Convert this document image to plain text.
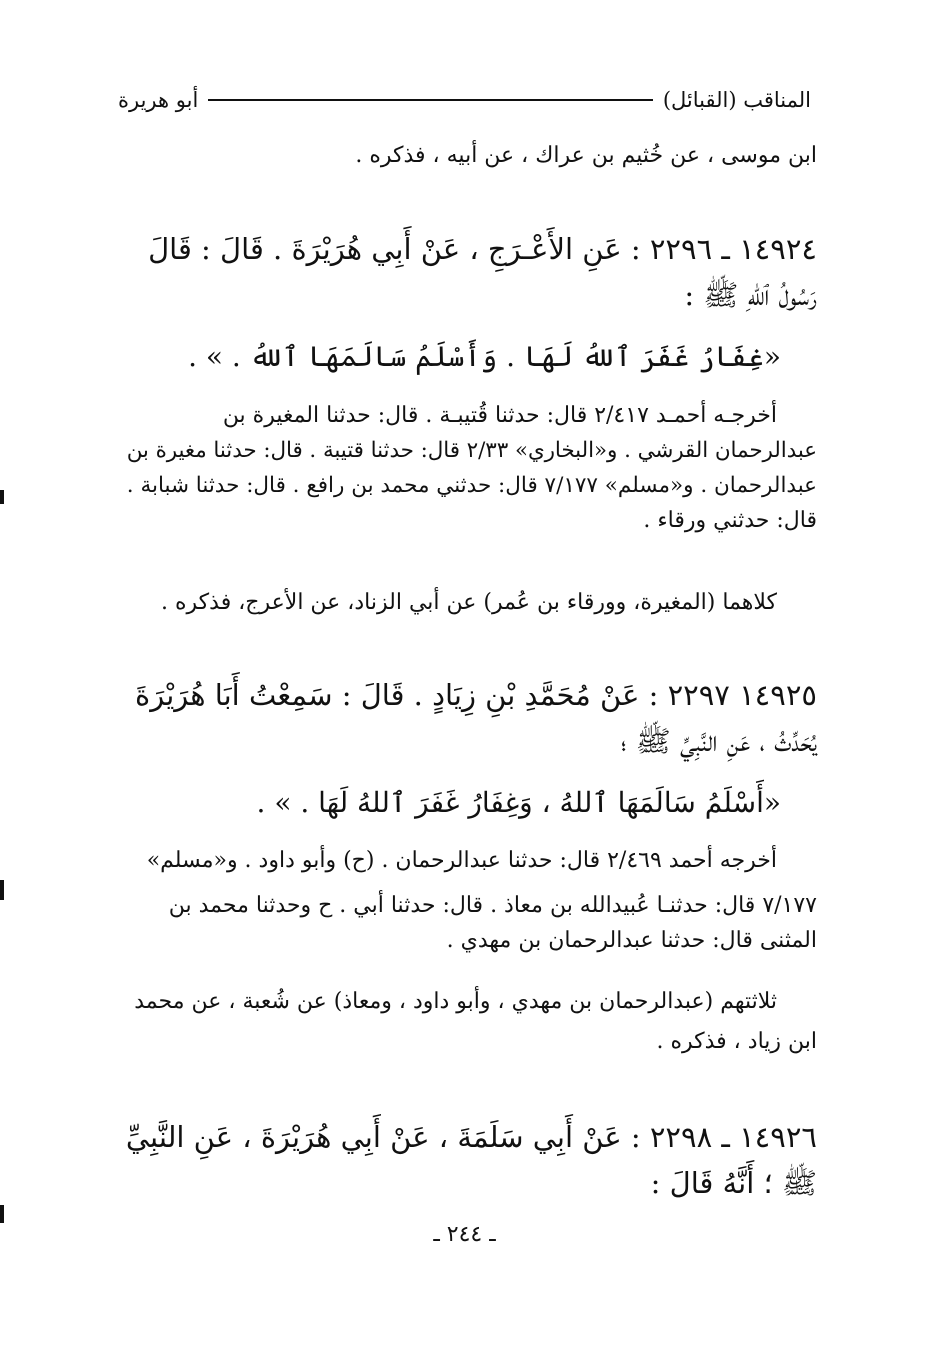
المناقب (القبائل)
أبو هريرة
ابن موسى ، عن خُثيم بن عراك ، عن أبيه ، فذكره .
١٤٩٢٤ ـ ٢٢٩٦ : عَنِ الأَعْـرَجِ ، عَنْ أَبِي هُرَيْرَةَ . قَالَ : قَالَ
رَسُولُ ٱللهِ ﷺ :
«غِفَارُ غَفَرَ ٱللهُ لَهَا . وَأَسْلَمُ سَالَمَهَا ٱللهُ . » .
أخرجـه أحمـد ٢/٤١٧ قال: حدثنا قُتيبـة . قال: حدثنا المغيرة بن
عبدالرحمان القرشي . و«البخاري» ٢/٣٣ قال: حدثنا قتيبة . قال: حدثنا مغيرة بن
عبدالرحمان . و«مسلم» ٧/١٧٧ قال: حدثني محمد بن رافع . قال: حدثنا شبابة .
قال: حدثني ورقاء .
كلاهما (المغيرة، وورقاء بن عُمر) عن أبي الزناد، عن الأعرج، فذكره .
١٤٩٢٥ ٢٢٩٧ : عَنْ مُحَمَّدِ بْنِ زِيَادٍ . قَالَ : سَمِعْتُ أَبَا هُرَيْرَةَ
يُحَدِّثُ ، عَنِ النَّبِيِّ ﷺ ؛
«أَسْلَمُ سَالَمَهَا ٱللهُ ، وَغِفَارُ غَفَرَ ٱللهُ لَهَا . » .
أخرجه أحمد ٢/٤٦٩ قال: حدثنا عبدالرحمان . (ح) وأبو داود . و«مسلم»
٧/١٧٧ قال: حدثنـا عُبيدالله بن معاذ . قال: حدثنا أبي . ح وحدثنا محمد بن
المثنى قال: حدثنا عبدالرحمان بن مهدي .
ثلاثتهم (عبدالرحمان بن مهدي ، وأبو داود ، ومعاذ) عن شُعبة ، عن محمد
ابن زياد ، فذكره .
١٤٩٢٦ ـ ٢٢٩٨ : عَنْ أَبِي سَلَمَةَ ، عَنْ أَبِي هُرَيْرَةَ ، عَنِ النَّبِيِّ
ﷺ ؛ أَنَّهُ قَالَ :
ـ ٢٤٤ ـ
